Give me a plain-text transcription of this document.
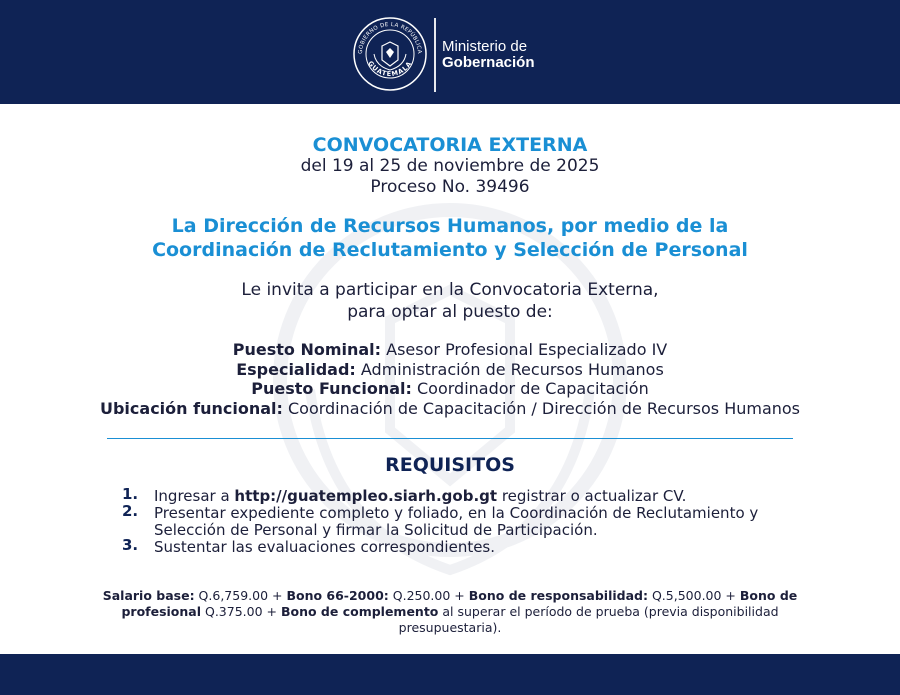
GOBIERNO DE LA REPÚBLICA
GUATEMALA
Ministerio de
Gobernación
CONVOCATORIA EXTERNA
del 19 al 25 de noviembre de 2025
Proceso No. 39496
La Dirección de Recursos Humanos, por medio de la
Coordinación de Reclutamiento y Selección de Personal
Le invita a participar en la Convocatoria Externa,
para optar al puesto de:
Puesto Nominal: Asesor Profesional Especializado IV
Especialidad: Administración de Recursos Humanos
Puesto Funcional: Coordinador de Capacitación
Ubicación funcional: Coordinación de Capacitación / Dirección de Recursos Humanos
REQUISITOS
1. Ingresar a http://guatempleo.siarh.gob.gt registrar o actualizar CV.
2. Presentar expediente completo y foliado, en la Coordinación de Reclutamiento y Selección de Personal y firmar la Solicitud de Participación.
3. Sustentar las evaluaciones correspondientes.
Salario base: Q.6,759.00 + Bono 66-2000: Q.250.00 + Bono de responsabilidad: Q.5,500.00 + Bono de profesional Q.375.00 + Bono de complemento al superar el período de prueba (previa disponibilidad presupuestaria).
